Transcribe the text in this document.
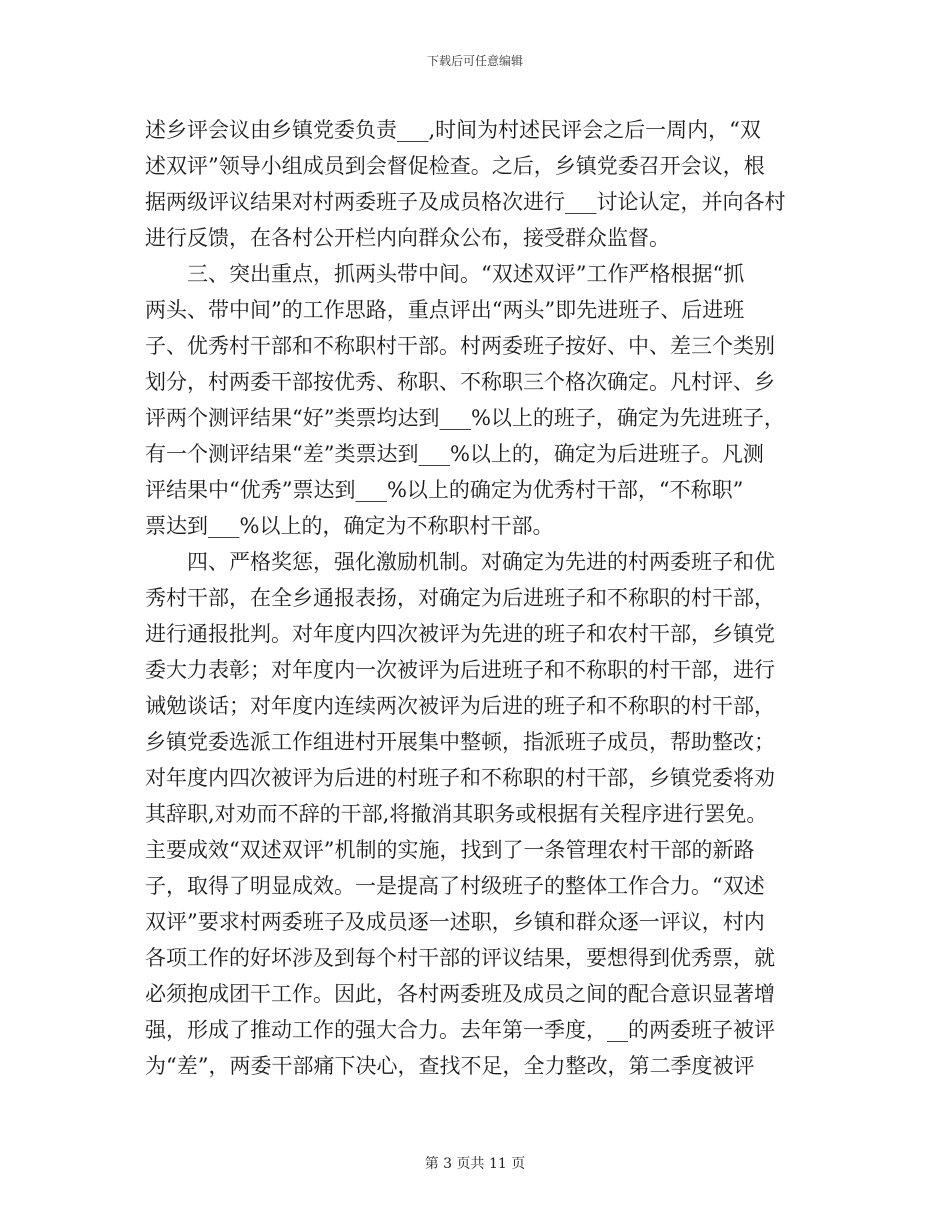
下载后可任意编辑
述乡评会议由乡镇党委负责___,时间为村述民评会之后一周内，“双
述双评”领导小组成员到会督促检查。之后，乡镇党委召开会议，根
据两级评议结果对村两委班子及成员格次进行___讨论认定，并向各村
进行反馈，在各村公开栏内向群众公布，接受群众监督。
　　三、突出重点，抓两头带中间。“双述双评”工作严格根据“抓
两头、带中间”的工作思路，重点评出“两头”即先进班子、后进班
子、优秀村干部和不称职村干部。村两委班子按好、中、差三个类别
划分，村两委干部按优秀、称职、不称职三个格次确定。凡村评、乡
评两个测评结果“好”类票均达到___%以上的班子，确定为先进班子，
有一个测评结果“差”类票达到___%以上的，确定为后进班子。凡测
评结果中“优秀”票达到___%以上的确定为优秀村干部，“不称职”
票达到___%以上的，确定为不称职村干部。
　　四、严格奖惩，强化激励机制。对确定为先进的村两委班子和优
秀村干部，在全乡通报表扬，对确定为后进班子和不称职的村干部，
进行通报批判。对年度内四次被评为先进的班子和农村干部，乡镇党
委大力表彰；对年度内一次被评为后进班子和不称职的村干部，进行
诫勉谈话；对年度内连续两次被评为后进的班子和不称职的村干部，
乡镇党委选派工作组进村开展集中整顿，指派班子成员，帮助整改；
对年度内四次被评为后进的村班子和不称职的村干部，乡镇党委将劝
其辞职,对劝而不辞的干部,将撤消其职务或根据有关程序进行罢免。
主要成效“双述双评”机制的实施，找到了一条管理农村干部的新路
子，取得了明显成效。一是提高了村级班子的整体工作合力。“双述
双评”要求村两委班子及成员逐一述职，乡镇和群众逐一评议，村内
各项工作的好坏涉及到每个村干部的评议结果，要想得到优秀票，就
必须抱成团干工作。因此，各村两委班及成员之间的配合意识显著增
强，形成了推动工作的强大合力。去年第一季度，__的两委班子被评
为“差”，两委干部痛下决心，查找不足，全力整改，第二季度被评
第 3 页共 11 页
